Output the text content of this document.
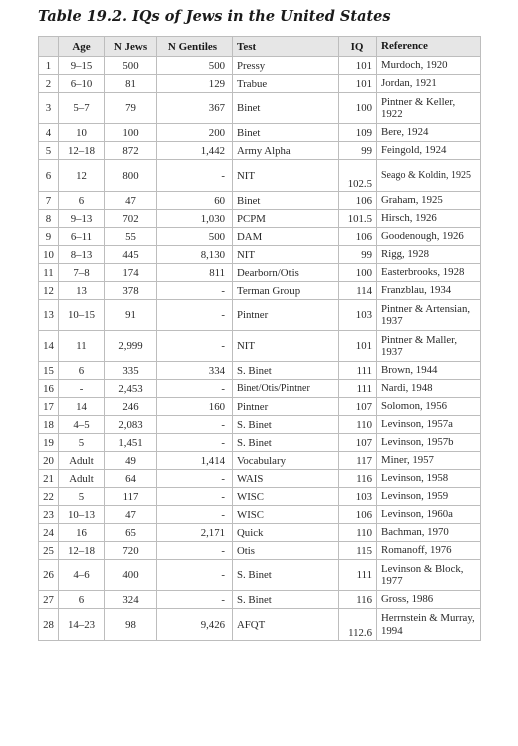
Table 19.2. IQs of Jews in the United States
	Age	N Jews	N Gentiles	Test	IQ	Reference
1	9–15	500	500	Pressy	101	Murdoch, 1920
2	6–10	81	129	Trabue	101	Jordan, 1921
3	5–7	79	367	Binet	100	Pintner & Keller, 1922
4	10	100	200	Binet	109	Bere, 1924
5	12–18	872	1,442	Army Alpha	99	Feingold, 1924
6	12	800	-	NIT	102.5	Seago & Koldin, 1925
7	6	47	60	Binet	106	Graham, 1925
8	9–13	702	1,030	PCPM	101.5	Hirsch, 1926
9	6–11	55	500	DAM	106	Goodenough, 1926
10	8–13	445	8,130	NIT	99	Rigg, 1928
11	7–8	174	811	Dearborn/Otis	100	Easterbrooks, 1928
12	13	378	-	Terman Group	114	Franzblau, 1934
13	10–15	91	-	Pintner	103	Pintner & Artensian, 1937
14	11	2,999	-	NIT	101	Pintner & Maller, 1937
15	6	335	334	S. Binet	111	Brown, 1944
16	-	2,453	-	Binet/Otis/Pintner	111	Nardi, 1948
17	14	246	160	Pintner	107	Solomon, 1956
18	4–5	2,083	-	S. Binet	110	Levinson, 1957a
19	5	1,451	-	S. Binet	107	Levinson, 1957b
20	Adult	49	1,414	Vocabulary	117	Miner, 1957
21	Adult	64	-	WAIS	116	Levinson, 1958
22	5	117	-	WISC	103	Levinson, 1959
23	10–13	47	-	WISC	106	Levinson, 1960a
24	16	65	2,171	Quick	110	Bachman, 1970
25	12–18	720	-	Otis	115	Romanoff, 1976
26	4–6	400	-	S. Binet	111	Levinson & Block, 1977
27	6	324	-	S. Binet	116	Gross, 1986
28	14–23	98	9,426	AFQT	112.6	Herrnstein & Murray, 1994
